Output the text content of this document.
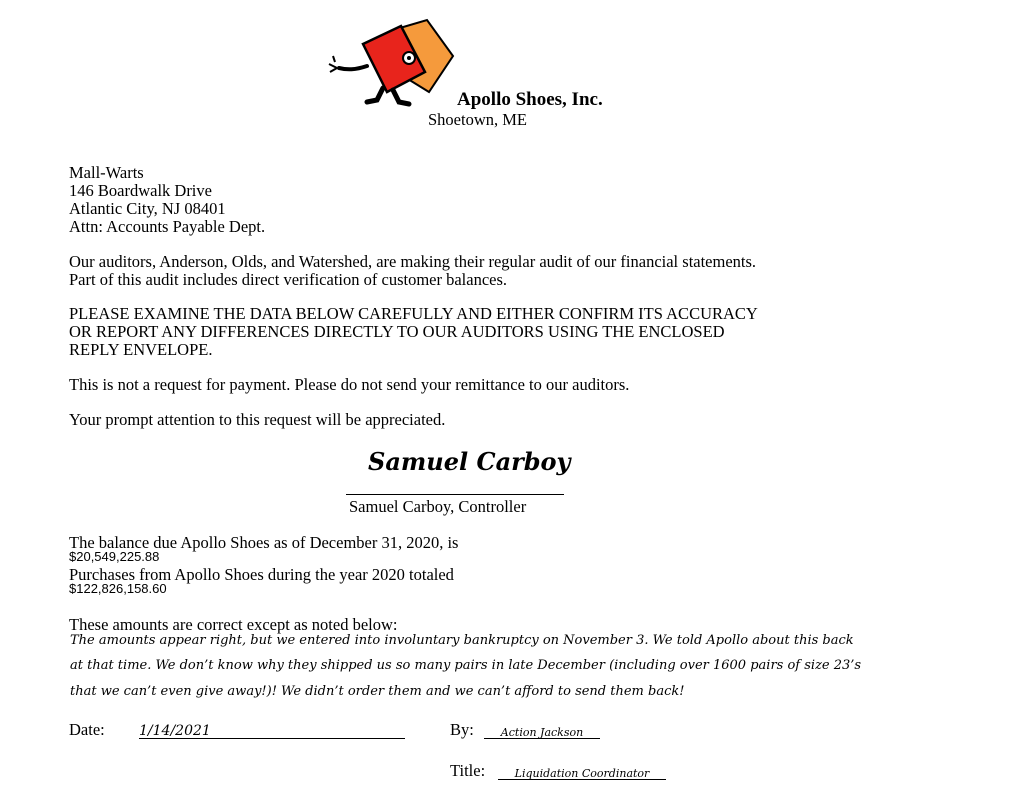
Apollo Shoes, Inc.
Shoetown, ME
Mall-Warts
146 Boardwalk Drive
Atlantic City, NJ 08401
Attn: Accounts Payable Dept.
Our auditors, Anderson, Olds, and Watershed, are making their regular audit of our financial statements.
Part of this audit includes direct verification of customer balances.
PLEASE EXAMINE THE DATA BELOW CAREFULLY AND EITHER CONFIRM ITS ACCURACY
OR REPORT ANY DIFFERENCES DIRECTLY TO OUR AUDITORS USING THE ENCLOSED
REPLY ENVELOPE.
This is not a request for payment. Please do not send your remittance to our auditors.
Your prompt attention to this request will be appreciated.
Samuel Carboy
Samuel Carboy, Controller
The balance due Apollo Shoes as of December 31, 2020, is
$20,549,225.88
Purchases from Apollo Shoes during the year 2020 totaled
$122,826,158.60
These amounts are correct except as noted below:
The amounts appear right, but we entered into involuntary bankruptcy on November 3. We told Apollo about this back
at that time. We don’t know why they shipped us so many pairs in late December (including over 1600 pairs of size 23’s
that we can’t even give away!)! We didn’t order them and we can’t afford to send them back!
Date: 1/14/2021	By:	Action Jackson
Title:	Liquidation Coordinator
